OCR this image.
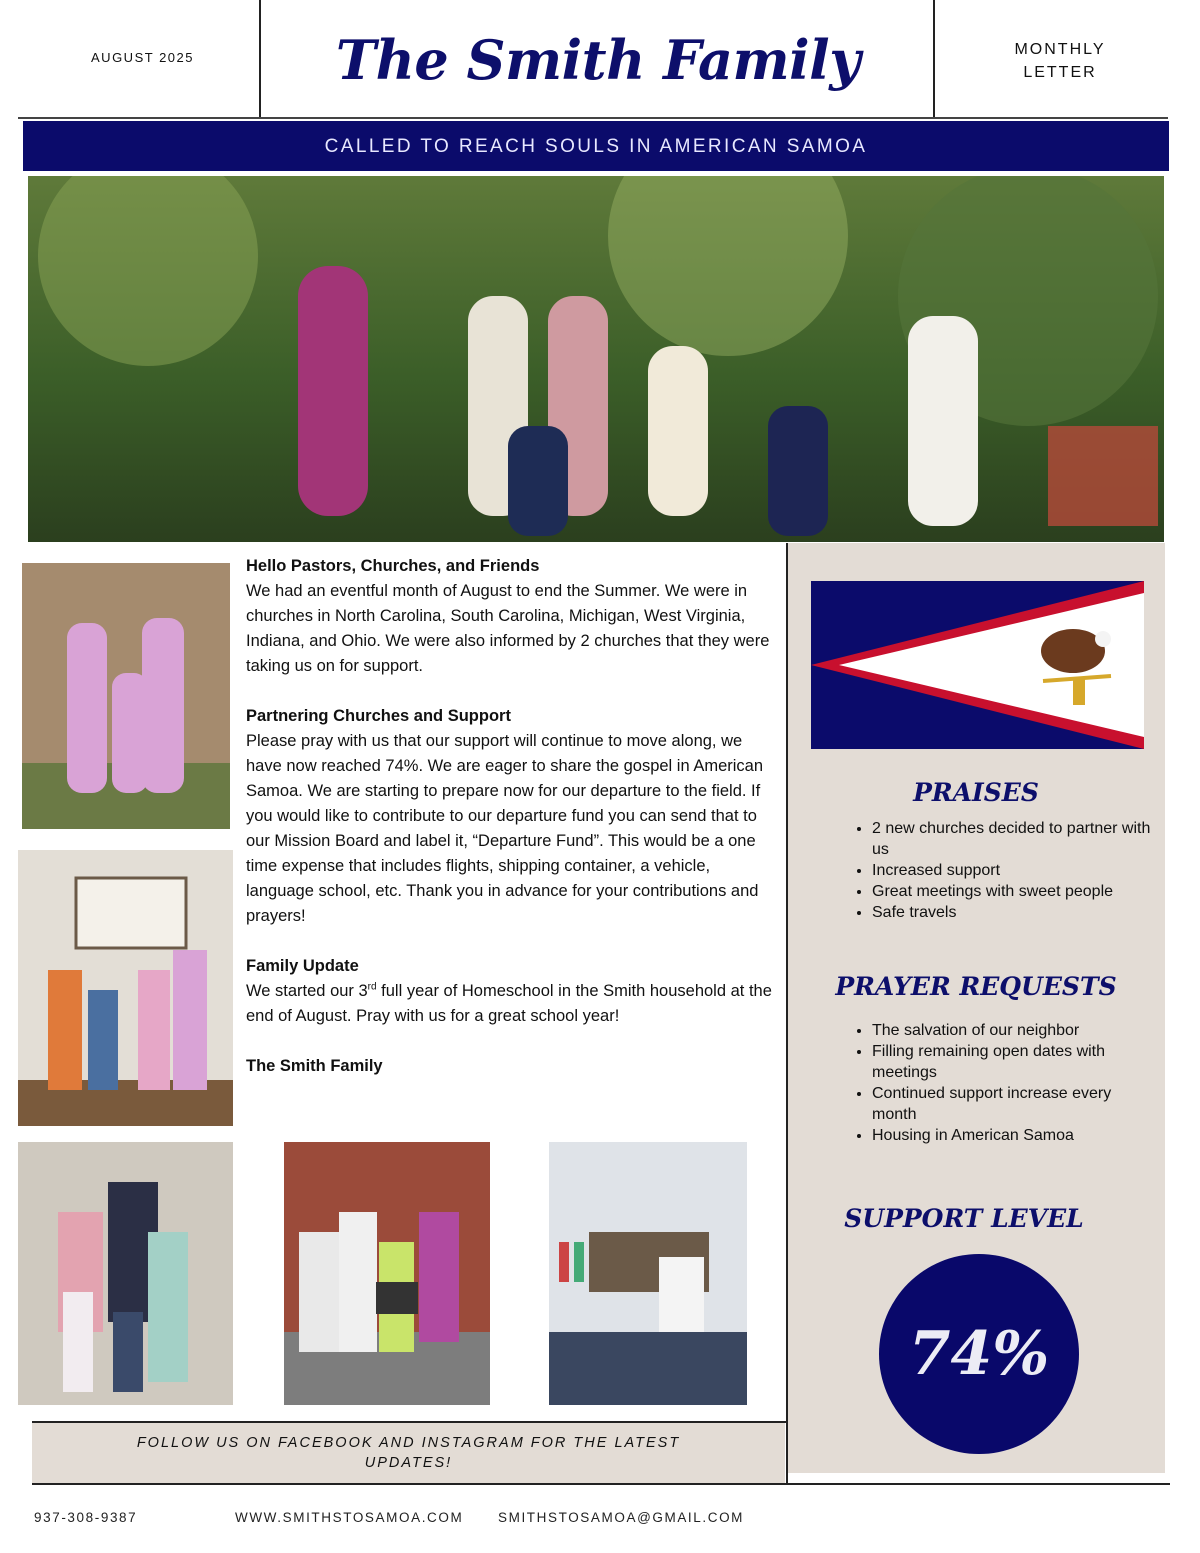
AUGUST 2025	The Smith Family	MONTHLY
LETTER
CALLED TO REACH SOULS IN AMERICAN SAMOA
Hello Pastors, Churches, and Friends

We had an eventful month of August to end the Summer. We were in churches in North Carolina, South Carolina, Michigan, West Virginia, Indiana, and Ohio. We were also informed by 2 churches that they were taking us on for support.

Partnering Churches and Support

Please pray with us that our support will continue to move along, we have now reached 74%. We are eager to share the gospel in American Samoa. We are starting to prepare now for our departure to the field. If you would like to contribute to our departure fund you can send that to our Mission Board and label it, “Departure Fund”. This would be a one time expense that includes flights, shipping container, a vehicle, language school, etc. Thank you in advance for your contributions and prayers!

Family Update

We started our 3rd full year of Homeschool in the Smith household at the end of August. Pray with us for a great school year!

The Smith Family
PRAISES
• 2 new churches decided to partner with us
• Increased support
• Great meetings with sweet people
• Safe travels
PRAYER REQUESTS
• The salvation of our neighbor
• Filling remaining open dates with meetings
• Continued support increase every month
• Housing in American Samoa
SUPPORT LEVEL
74%
FOLLOW US ON FACEBOOK AND INSTAGRAM FOR THE LATEST UPDATES!
937-308-9387	WWW.SMITHSTOSAMOA.COM	SMITHSTOSAMOA@GMAIL.COM
